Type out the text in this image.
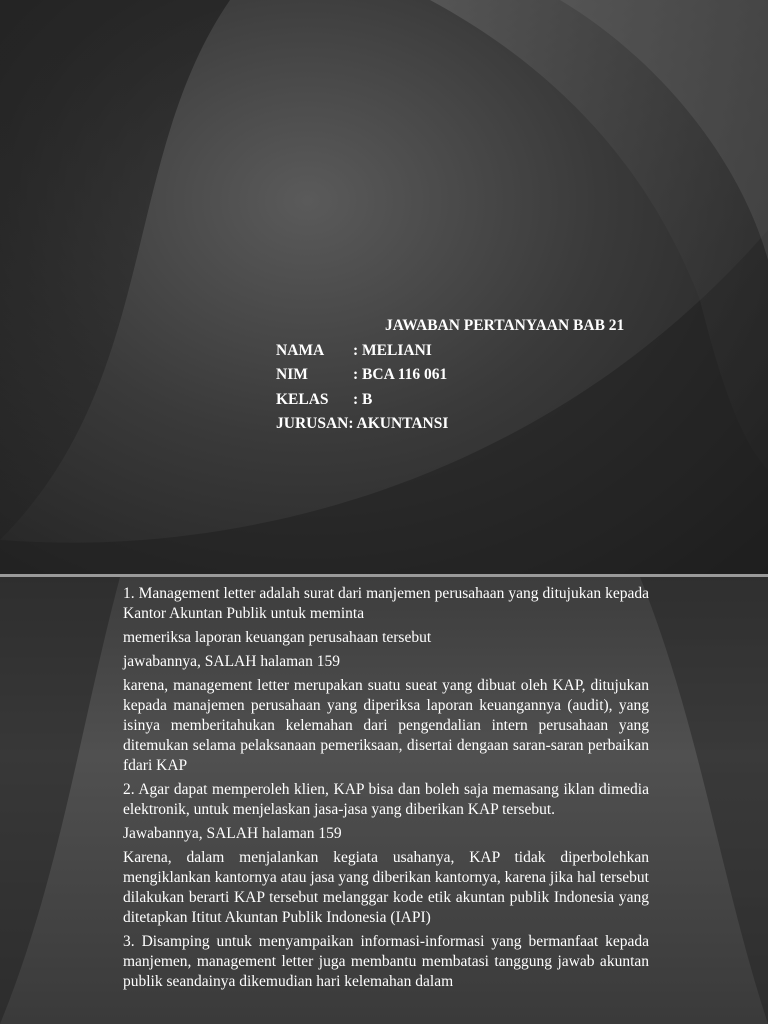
JAWABAN PERTANYAAN BAB 21
NAMA	: MELIANI
NIM	: BCA 116 061
KELAS	: B
JURUSAN : AKUNTANSI

1. Management letter adalah surat dari manjemen perusahaan yang ditujukan kepada Kantor Akuntan Publik untuk meminta

memeriksa laporan keuangan perusahaan tersebut

jawabannya, SALAH halaman 159

karena, management letter merupakan suatu sueat yang dibuat oleh KAP, ditujukan kepada manajemen perusahaan yang diperiksa laporan keuangannya (audit), yang isinya memberitahukan kelemahan dari pengendalian intern perusahaan yang ditemukan selama pelaksanaan pemeriksaan, disertai dengaan saran-saran perbaikan fdari KAP

2. Agar dapat memperoleh klien, KAP bisa dan boleh saja memasang iklan dimedia elektronik, untuk menjelaskan jasa-jasa yang diberikan KAP tersebut.

Jawabannya, SALAH halaman 159

Karena, dalam menjalankan kegiata usahanya, KAP tidak diperbolehkan mengiklankan kantornya atau jasa yang diberikan kantornya, karena jika hal tersebut dilakukan berarti KAP tersebut melanggar kode etik akuntan publik Indonesia yang ditetapkan Ititut Akuntan Publik Indonesia (IAPI)

3. Disamping untuk menyampaikan informasi-informasi yang bermanfaat kepada manjemen, management letter juga membantu membatasi tanggung jawab akuntan publik seandainya dikemudian hari kelemahan dalam
